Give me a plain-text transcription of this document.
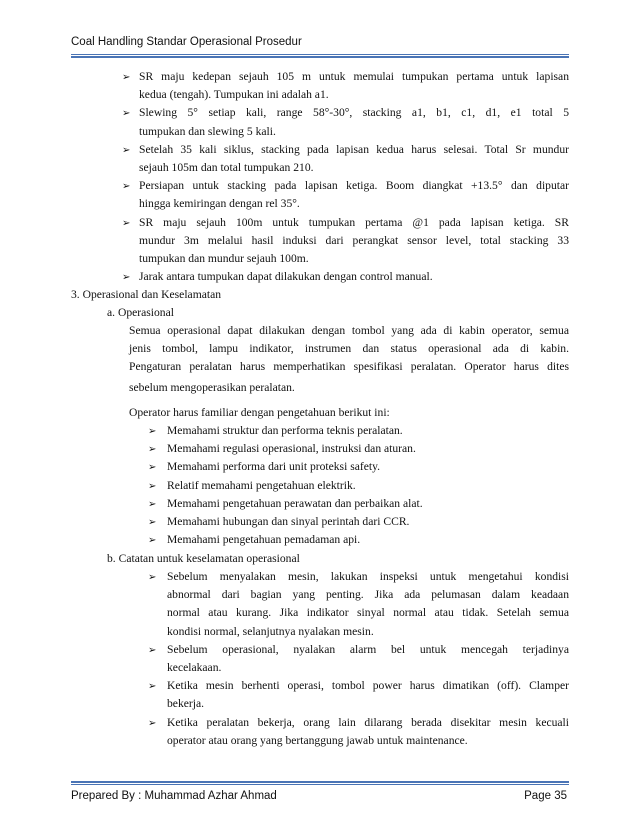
Coal Handling Standar Operasional Prosedur
➢ SR maju kedepan sejauh 105 m untuk memulai tumpukan pertama untuk lapisan
kedua (tengah). Tumpukan ini adalah a1.
➢ Slewing 5° setiap kali, range 58°-30°, stacking a1, b1, c1, d1, e1 total 5
tumpukan dan slewing 5 kali.
➢ Setelah 35 kali siklus, stacking pada lapisan kedua harus selesai. Total Sr mundur
sejauh 105m dan total tumpukan 210.
➢ Persiapan untuk stacking pada lapisan ketiga. Boom diangkat +13.5° dan diputar
hingga kemiringan dengan rel 35°.
➢ SR maju sejauh 100m untuk tumpukan pertama @1 pada lapisan ketiga. SR
mundur 3m melalui hasil induksi dari perangkat sensor level, total stacking 33
tumpukan dan mundur sejauh 100m.
➢ Jarak antara tumpukan dapat dilakukan dengan control manual.
3. Operasional dan Keselamatan
a. Operasional
Semua operasional dapat dilakukan dengan tombol yang ada di kabin operator, semua
jenis tombol, lampu indikator, instrumen dan status operasional ada di kabin.
Pengaturan peralatan harus memperhatikan spesifikasi peralatan. Operator harus dites
sebelum mengoperasikan peralatan.
Operator harus familiar dengan pengetahuan berikut ini:
➢ Memahami struktur dan performa teknis peralatan.
➢ Memahami regulasi operasional, instruksi dan aturan.
➢ Memahami performa dari unit proteksi safety.
➢ Relatif memahami pengetahuan elektrik.
➢ Memahami pengetahuan perawatan dan perbaikan alat.
➢ Memahami hubungan dan sinyal perintah dari CCR.
➢ Memahami pengetahuan pemadaman api.
b. Catatan untuk keselamatan operasional
➢ Sebelum menyalakan mesin, lakukan inspeksi untuk mengetahui kondisi
abnormal dari bagian yang penting. Jika ada pelumasan dalam keadaan
normal atau kurang. Jika indikator sinyal normal atau tidak. Setelah semua
kondisi normal, selanjutnya nyalakan mesin.
➢ Sebelum operasional, nyalakan alarm bel untuk mencegah terjadinya
kecelakaan.
➢ Ketika mesin berhenti operasi, tombol power harus dimatikan (off). Clamper
bekerja.
➢ Ketika peralatan bekerja, orang lain dilarang berada disekitar mesin kecuali
operator atau orang yang bertanggung jawab untuk maintenance.
Prepared By : Muhammad Azhar Ahmad	Page 35
